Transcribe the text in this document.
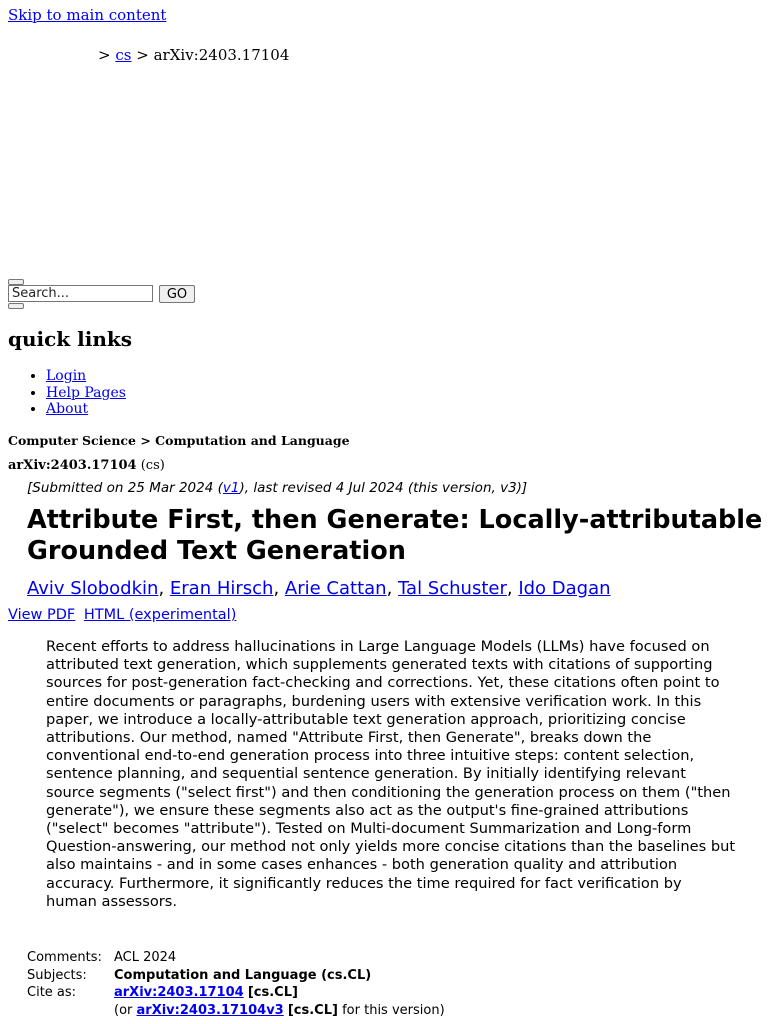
Skip to main content
> cs > arXiv:2403.17104
Search...
GO
quick links
• Login
• Help Pages
• About
Computer Science > Computation and Language
arXiv:2403.17104 (cs)
[Submitted on 25 Mar 2024 (v1), last revised 4 Jul 2024 (this version, v3)]
Attribute First, then Generate: Locally-attributable Grounded Text Generation
Aviv Slobodkin, Eran Hirsch, Arie Cattan, Tal Schuster, Ido Dagan
View PDF HTML (experimental)

Recent efforts to address hallucinations in Large Language Models (LLMs) have focused on attributed text generation, which supplements generated texts with citations of supporting sources for post-generation fact-checking and corrections. Yet, these citations often point to entire documents or paragraphs, burdening users with extensive verification work. In this paper, we introduce a locally-attributable text generation approach, prioritizing concise attributions. Our method, named "Attribute First, then Generate", breaks down the conventional end-to-end generation process into three intuitive steps: content selection, sentence planning, and sequential sentence generation. By initially identifying relevant source segments ("select first") and then conditioning the generation process on them ("then generate"), we ensure these segments also act as the output's fine-grained attributions ("select" becomes "attribute"). Tested on Multi-document Summarization and Long-form Question-answering, our method not only yields more concise citations than the baselines but also maintains - and in some cases enhances - both generation quality and attribution accuracy. Furthermore, it significantly reduces the time required for fact verification by human assessors.

Comments:	ACL 2024
Subjects:	Computation and Language (cs.CL)
Cite as:	arXiv:2403.17104 [cs.CL]
	(or arXiv:2403.17104v3 [cs.CL] for this version)
